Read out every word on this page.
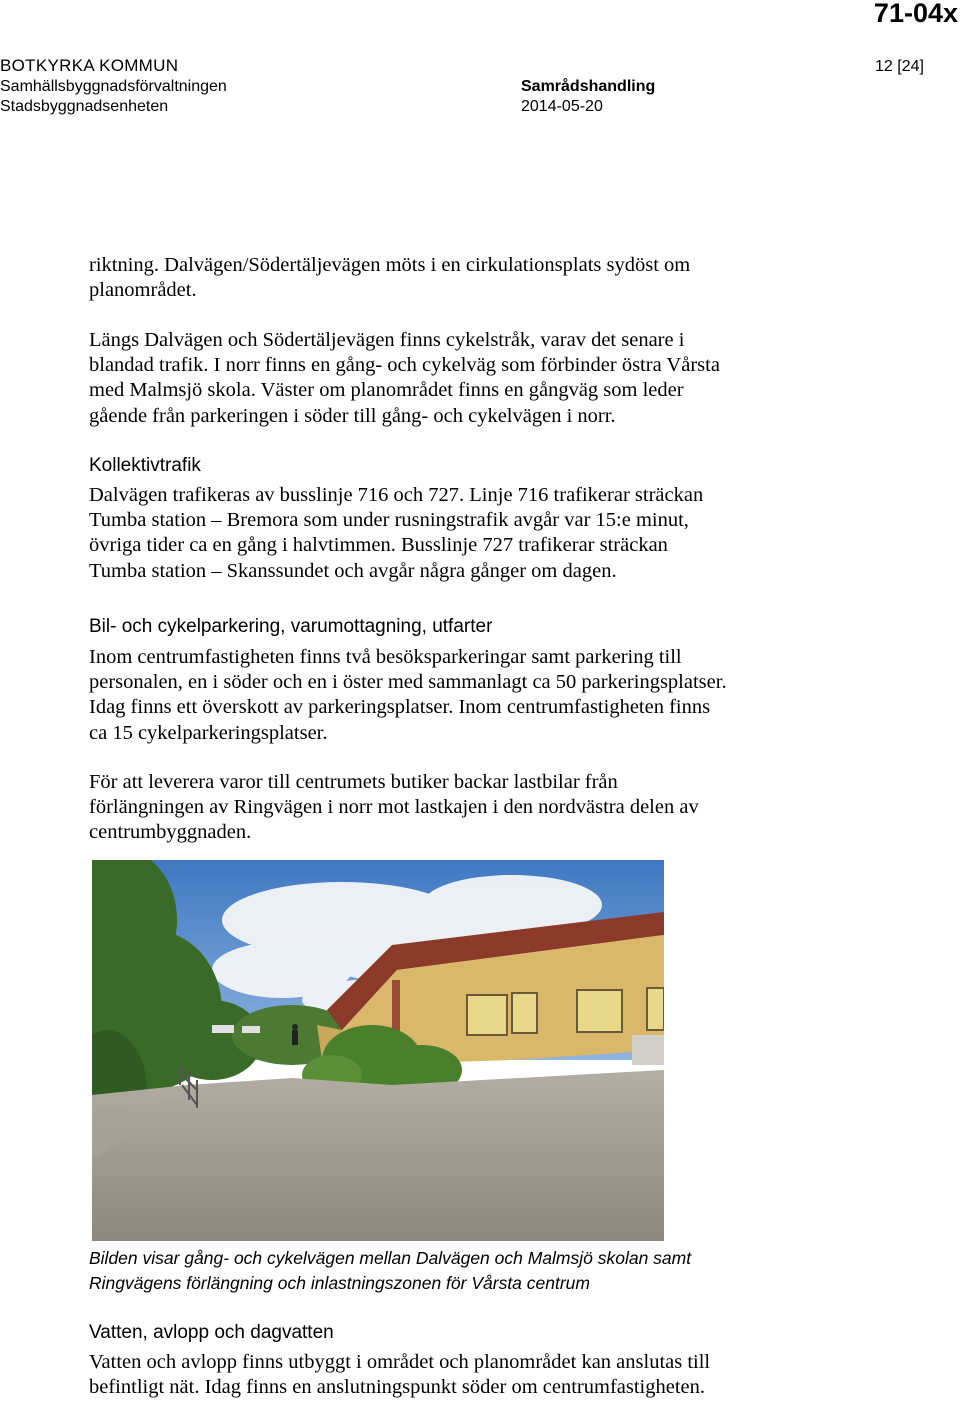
71-04x
BOTKYRKA KOMMUN
Samhällsbyggnadsförvaltningen
Stadsbyggnadsenheten
Samrådshandling
2014-05-20
12 [24]
riktning. Dalvägen/Södertäljevägen möts i en cirkulationsplats sydöst om
planområdet.
Längs Dalvägen och Södertäljevägen finns cykelstråk, varav det senare i
blandad trafik. I norr finns en gång- och cykelväg som förbinder östra Vårsta
med Malmsjö skola. Väster om planområdet finns en gångväg som leder
gående från parkeringen i söder till gång- och cykelvägen i norr.
Kollektivtrafik
Dalvägen trafikeras av busslinje 716 och 727. Linje 716 trafikerar sträckan
Tumba station – Bremora som under rusningstrafik avgår var 15:e minut,
övriga tider ca en gång i halvtimmen. Busslinje 727 trafikerar sträckan
Tumba station – Skanssundet och avgår några gånger om dagen.
Bil- och cykelparkering, varumottagning, utfarter
Inom centrumfastigheten finns två besöksparkeringar samt parkering till
personalen, en i söder och en i öster med sammanlagt ca 50 parkeringsplatser.
Idag finns ett överskott av parkeringsplatser. Inom centrumfastigheten finns
ca 15 cykelparkeringsplatser.
För att leverera varor till centrumets butiker backar lastbilar från
förlängningen av Ringvägen i norr mot lastkajen i den nordvästra delen av
centrumbyggnaden.
Bilden visar gång- och cykelvägen mellan Dalvägen och Malmsjö skolan samt
Ringvägens förlängning och inlastningszonen för Vårsta centrum
Vatten, avlopp och dagvatten
Vatten och avlopp finns utbyggt i området och planområdet kan anslutas till
befintligt nät. Idag finns en anslutningspunkt söder om centrumfastigheten.
